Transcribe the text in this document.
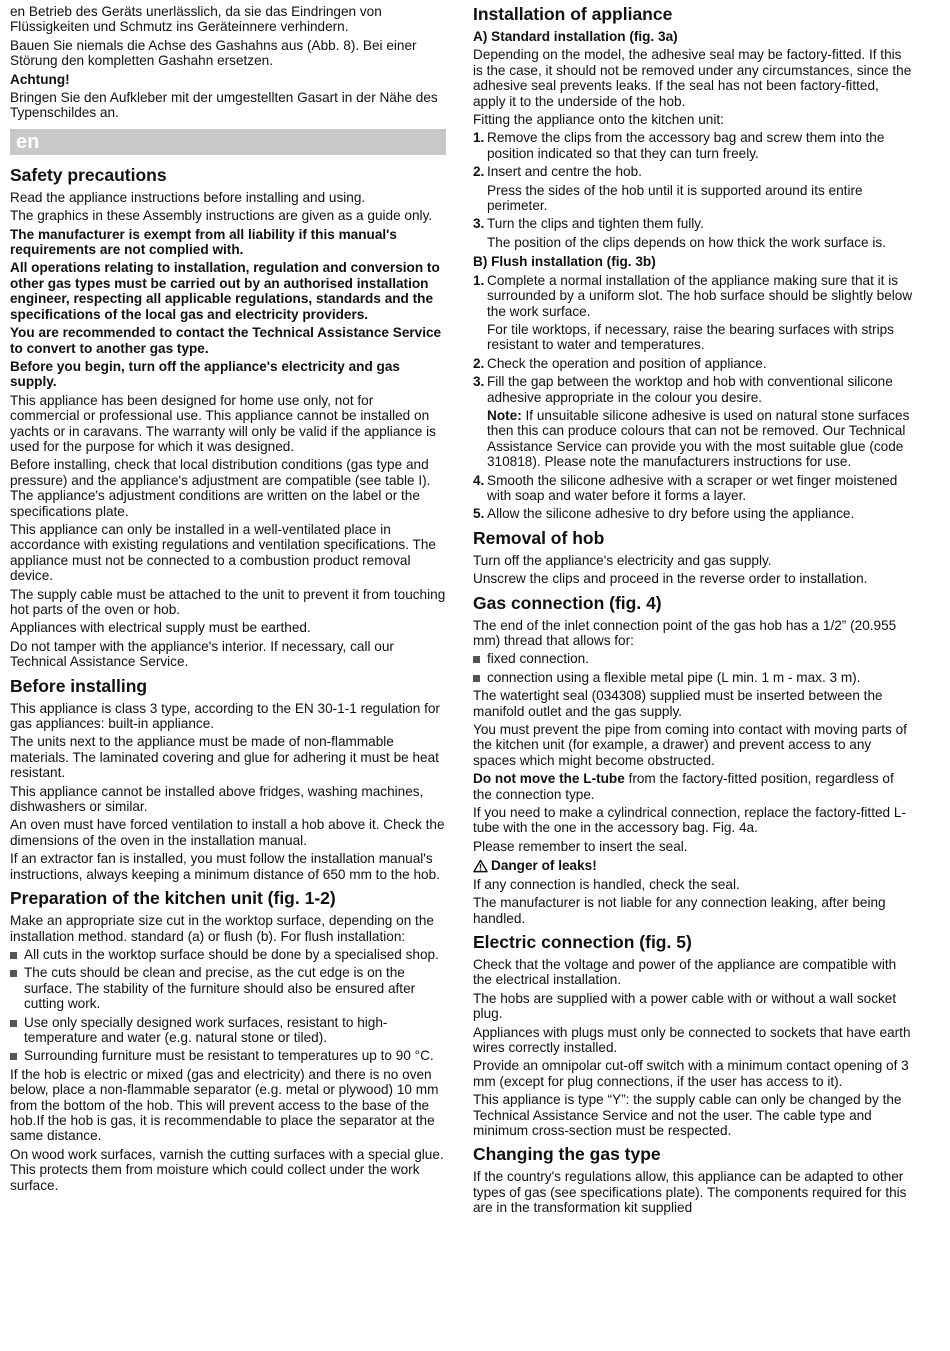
en Betrieb des Geräts unerlässlich, da sie das Eindringen von Flüssigkeiten und Schmutz ins Geräteinnere verhindern.

Bauen Sie niemals die Achse des Gashahns aus (Abb. 8). Bei einer Störung den kompletten Gashahn ersetzen.

Achtung!

Bringen Sie den Aufkleber mit der umgestellten Gasart in der Nähe des Typenschildes an.

en
Safety precautions

Read the appliance instructions before installing and using.

The graphics in these Assembly instructions are given as a guide only.

The manufacturer is exempt from all liability if this manual's requirements are not complied with.

All operations relating to installation, regulation and conversion to other gas types must be carried out by an authorised installation engineer, respecting all applicable regulations, standards and the specifications of the local gas and electricity providers.

You are recommended to contact the Technical Assistance Service to convert to another gas type.

Before you begin, turn off the appliance's electricity and gas supply.

This appliance has been designed for home use only, not for commercial or professional use. This appliance cannot be installed on yachts or in caravans. The warranty will only be valid if the appliance is used for the purpose for which it was designed.

Before installing, check that local distribution conditions (gas type and pressure) and the appliance's adjustment are compatible (see table I). The appliance's adjustment conditions are written on the label or the specifications plate.

This appliance can only be installed in a well-ventilated place in accordance with existing regulations and ventilation specifications. The appliance must not be connected to a combustion product removal device.

The supply cable must be attached to the unit to prevent it from touching hot parts of the oven or hob.

Appliances with electrical supply must be earthed.

Do not tamper with the appliance's interior. If necessary, call our Technical Assistance Service.

Before installing

This appliance is class 3 type, according to the EN 30-1-1 regulation for gas appliances: built-in appliance.

The units next to the appliance must be made of non-flammable materials. The laminated covering and glue for adhering it must be heat resistant.

This appliance cannot be installed above fridges, washing machines, dishwashers or similar.

An oven must have forced ventilation to install a hob above it. Check the dimensions of the oven in the installation manual.

If an extractor fan is installed, you must follow the installation manual's instructions, always keeping a minimum distance of 650 mm to the hob.

Preparation of the kitchen unit (fig. 1-2)

Make an appropriate size cut in the worktop surface, depending on the installation method. standard (a) or flush (b). For flush installation:

All cuts in the worktop surface should be done by a specialised shop.
The cuts should be clean and precise, as the cut edge is on the surface. The stability of the furniture should also be ensured after cutting work.
Use only specially designed work surfaces, resistant to high-temperature and water (e.g. natural stone or tiled).
Surrounding furniture must be resistant to temperatures up to 90 °C.

If the hob is electric or mixed (gas and electricity) and there is no oven below, place a non-flammable separator (e.g. metal or plywood) 10 mm from the bottom of the hob. This will prevent access to the base of the hob.If the hob is gas, it is recommendable to place the separator at the same distance.

On wood work surfaces, varnish the cutting surfaces with a special glue. This protects them from moisture which could collect under the work surface.

Installation of appliance
A) Standard installation (fig. 3a)

Depending on the model, the adhesive seal may be factory-fitted. If this is the case, it should not be removed under any circumstances, since the adhesive seal prevents leaks. If the seal has not been factory-fitted, apply it to the underside of the hob.

Fitting the appliance onto the kitchen unit:

1. Remove the clips from the accessory bag and screw them into the position indicated so that they can turn freely.
2. Insert and centre the hob.
Press the sides of the hob until it is supported around its entire perimeter.
3. Turn the clips and tighten them fully.
The position of the clips depends on how thick the work surface is.
B) Flush installation (fig. 3b)
1. Complete a normal installation of the appliance making sure that it is surrounded by a uniform slot. The hob surface should be slightly below the work surface.
For tile worktops, if necessary, raise the bearing surfaces with strips resistant to water and temperatures.
2. Check the operation and position of appliance.
3. Fill the gap between the worktop and hob with conventional silicone adhesive appropriate in the colour you desire.
Note: If unsuitable silicone adhesive is used on natural stone surfaces then this can produce colours that can not be removed. Our Technical Assistance Service can provide you with the most suitable glue (code 310818). Please note the manufacturers instructions for use.
4. Smooth the silicone adhesive with a scraper or wet finger moistened with soap and water before it forms a layer.
5. Allow the silicone adhesive to dry before using the appliance.
Removal of hob

Turn off the appliance's electricity and gas supply.

Unscrew the clips and proceed in the reverse order to installation.

Gas connection (fig. 4)

The end of the inlet connection point of the gas hob has a 1/2” (20.955 mm) thread that allows for:

fixed connection.
connection using a flexible metal pipe (L min. 1 m - max. 3 m).

The watertight seal (034308) supplied must be inserted between the manifold outlet and the gas supply.

You must prevent the pipe from coming into contact with moving parts of the kitchen unit (for example, a drawer) and prevent access to any spaces which might become obstructed.

Do not move the L-tube from the factory-fitted position, regardless of the connection type.

If you need to make a cylindrical connection, replace the factory-fitted L-tube with the one in the accessory bag. Fig. 4a.

Please remember to insert the seal.

Danger of leaks!

If any connection is handled, check the seal.

The manufacturer is not liable for any connection leaking, after being handled.

Electric connection (fig. 5)

Check that the voltage and power of the appliance are compatible with the electrical installation.

The hobs are supplied with a power cable with or without a wall socket plug.

Appliances with plugs must only be connected to sockets that have earth wires correctly installed.

Provide an omnipolar cut-off switch with a minimum contact opening of 3 mm (except for plug connections, if the user has access to it).

This appliance is type “Y”: the supply cable can only be changed by the Technical Assistance Service and not the user. The cable type and minimum cross-section must be respected.

Changing the gas type

If the country's regulations allow, this appliance can be adapted to other types of gas (see specifications plate). The components required for this are in the transformation kit supplied
